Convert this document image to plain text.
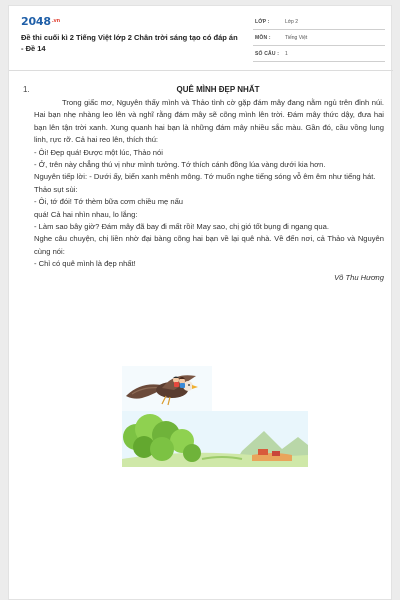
$2048^{.vn}$
Đề thi cuối kì 2 Tiếng Việt lớp 2 Chân trời sáng tạo có đáp án - Đề 14
LỚP :	Lớp 2
MÔN :	Tiếng Việt
SỐ CÂU : 1
1.	QUÊ MÌNH ĐẸP NHẤT

Trong giấc mơ, Nguyên thấy mình và Thảo tình cờ gặp đám mây đang nằm ngủ trên đỉnh núi. Hai bạn nhẹ nhàng leo lên và nghĩ rằng đám mây sẽ cõng mình lên trời. Đám mây thức dậy, đưa hai bạn lên tận trời xanh. Xung quanh hai bạn là những đám mây nhiều sắc màu. Gần đó, cầu vồng lung linh, rực rỡ. Cả hai reo lên, thích thú:

- Ôi! Đẹp quá! Được một lúc, Thảo nói

- Ở, trên này chẳng thú vị như mình tưởng. Tớ thích cánh đồng lúa vàng dưới kia hơn.

Nguyên tiếp lời: - Dưới ấy, biển xanh mênh mông. Tớ muốn nghe tiếng sóng vỗ êm êm như tiếng hát.

Thảo sụt sùi:

- Ôi, tớ đói! Tớ thèm bữa cơm chiều mẹ nấu

quá! Cả hai nhìn nhau, lo lắng:

- Làm sao bây giờ? Đám mây đã bay đi mất rồi! May sao, chị gió tốt bụng đi ngang qua.

Nghe câu chuyện, chị liền nhờ đại bàng cõng hai bạn về lại quê nhà. Về đến nơi, cả Thảo và Nguyên cùng nói:

- Chỉ có quê mình là đẹp nhất!

Võ Thu Hương
